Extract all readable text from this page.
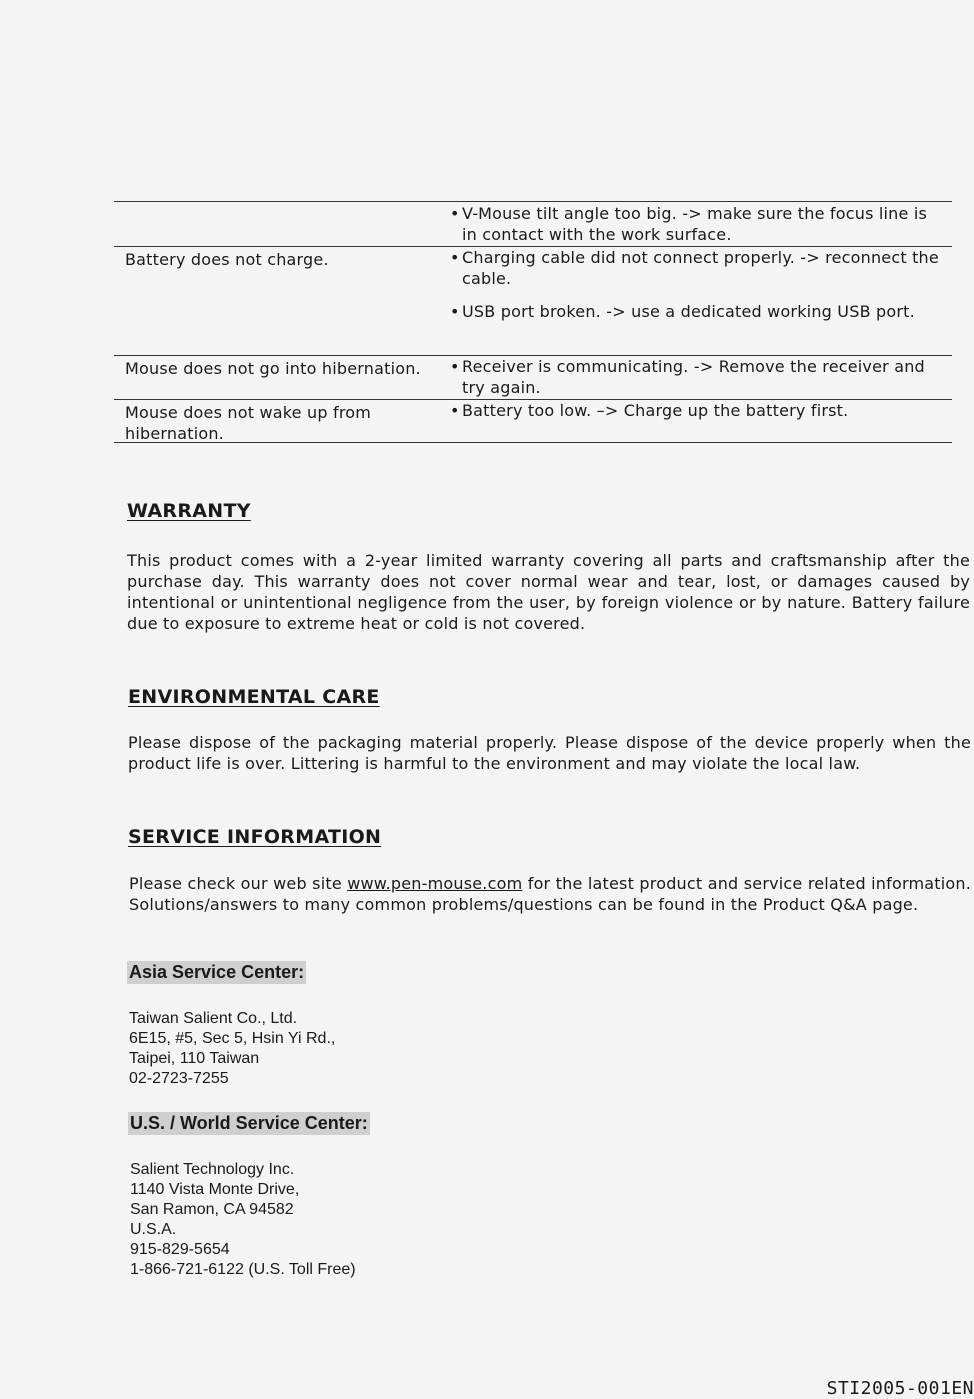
• V-Mouse tilt angle too big. -> make sure the focus line is in contact with the work surface.
Battery does not charge.	• Charging cable did not connect properly. -> reconnect the cable.
• USB port broken. -> use a dedicated working USB port.
Mouse does not go into hibernation.	• Receiver is communicating. -> Remove the receiver and try again.
Mouse does not wake up from hibernation.
• Battery too low. –> Charge up the battery first.
WARRANTY
This product comes with a 2-year limited warranty covering all parts and craftsmanship after the purchase day. This warranty does not cover normal wear and tear, lost, or damages caused by intentional or unintentional negligence from the user, by foreign violence or by nature. Battery failure due to exposure to extreme heat or cold is not covered.
ENVIRONMENTAL CARE
Please dispose of the packaging material properly. Please dispose of the device properly when the product life is over. Littering is harmful to the environment and may violate the local law.
SERVICE INFORMATION
Please check our web site www.pen-mouse.com for the latest product and service related information. Solutions/answers to many common problems/questions can be found in the Product Q&A page.
Asia Service Center:
Taiwan Salient Co., Ltd.
6E15, #5, Sec 5, Hsin Yi Rd.,
Taipei, 110 Taiwan
02-2723-7255
U.S. / World Service Center:
Salient Technology Inc.
1140 Vista Monte Drive,
San Ramon, CA 94582
U.S.A.
915-829-5654
1-866-721-6122 (U.S. Toll Free)
STI2005-001EN
